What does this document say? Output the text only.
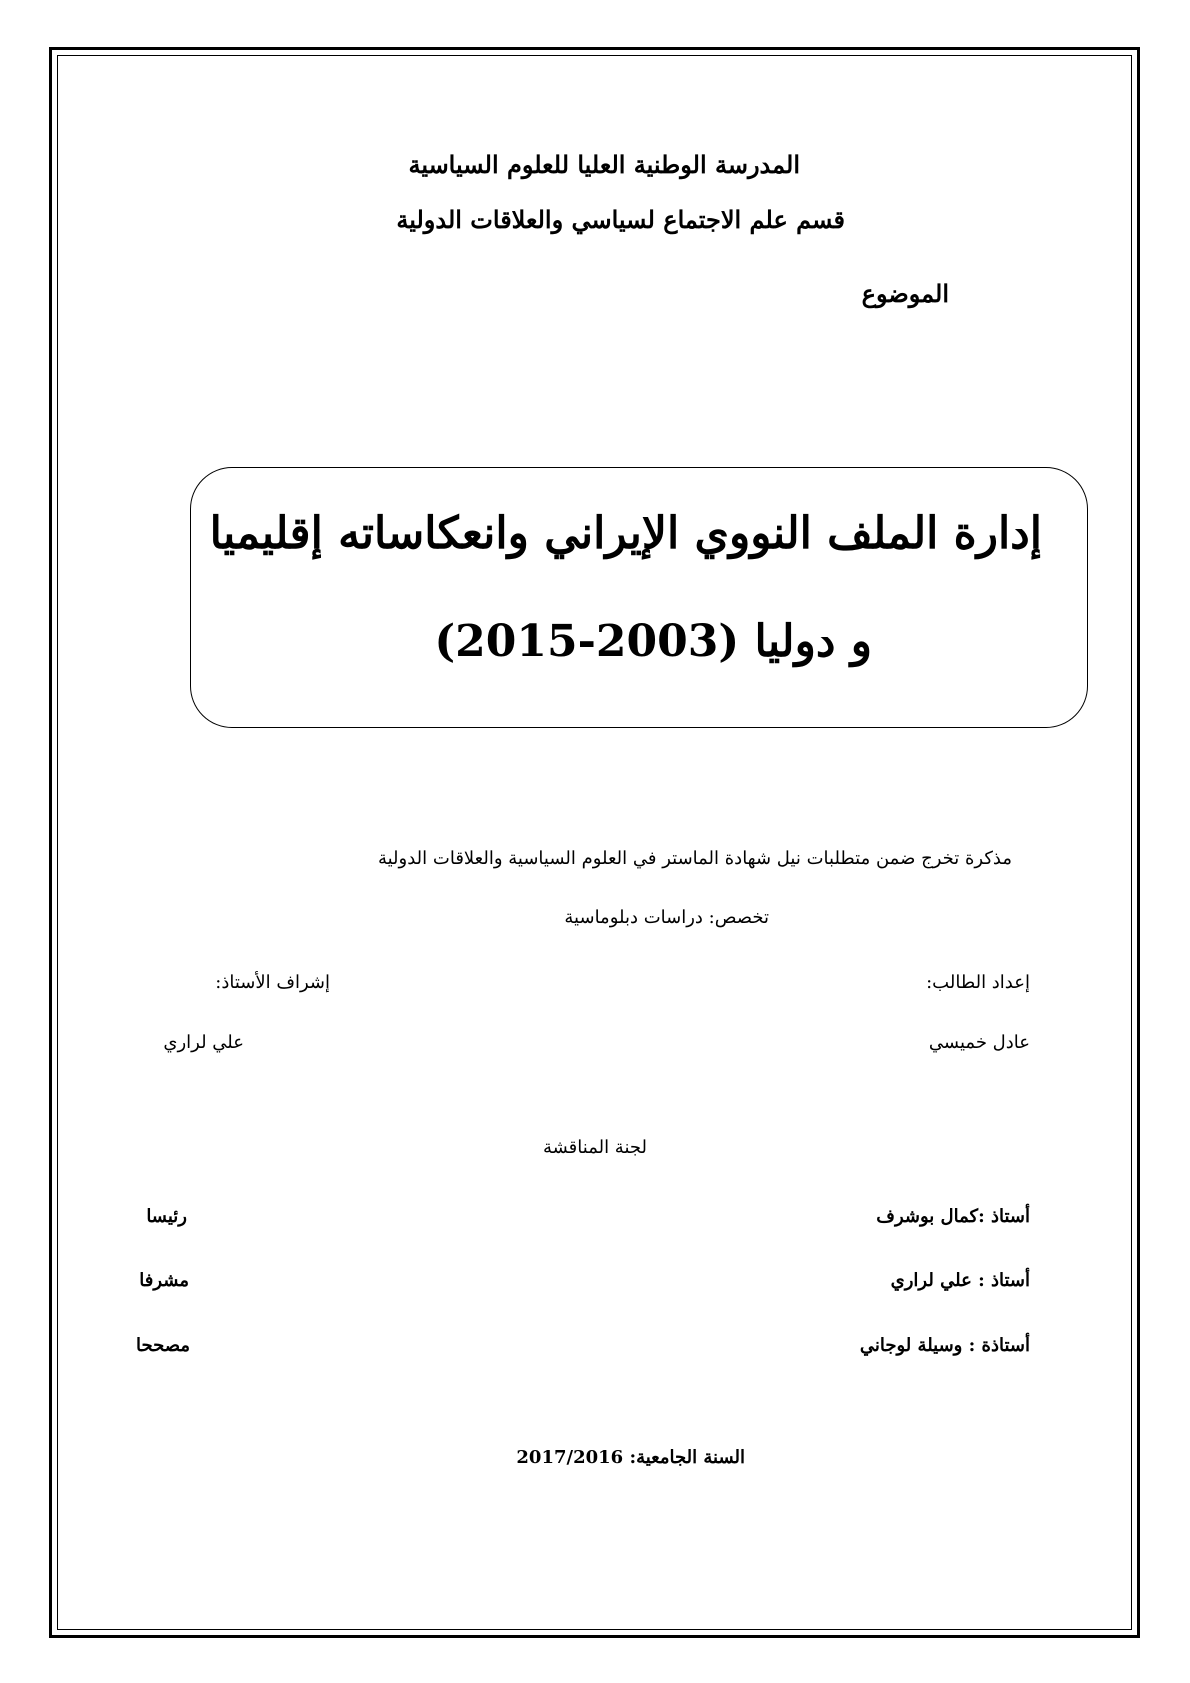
المدرسة الوطنية العليا للعلوم السياسية
قسم علم الاجتماع لسياسي والعلاقات الدولية
الموضوع
إدارة الملف النووي الإيراني وانعكاساته إقليميا
و دوليا (2003-2015)
مذكرة تخرج ضمن متطلبات نيل شهادة الماستر في العلوم السياسية والعلاقات الدولية
تخصص: دراسات دبلوماسية
إعداد الطالب:
عادل خميسي
إشراف الأستاذ:
علي لراري
لجنة المناقشة
أستاذ :كمال بوشرف
رئيسا
أستاذ : علي لراري
مشرفا
أستاذة : وسيلة لوجاني
مصححا
السنة الجامعية: 2017/2016
